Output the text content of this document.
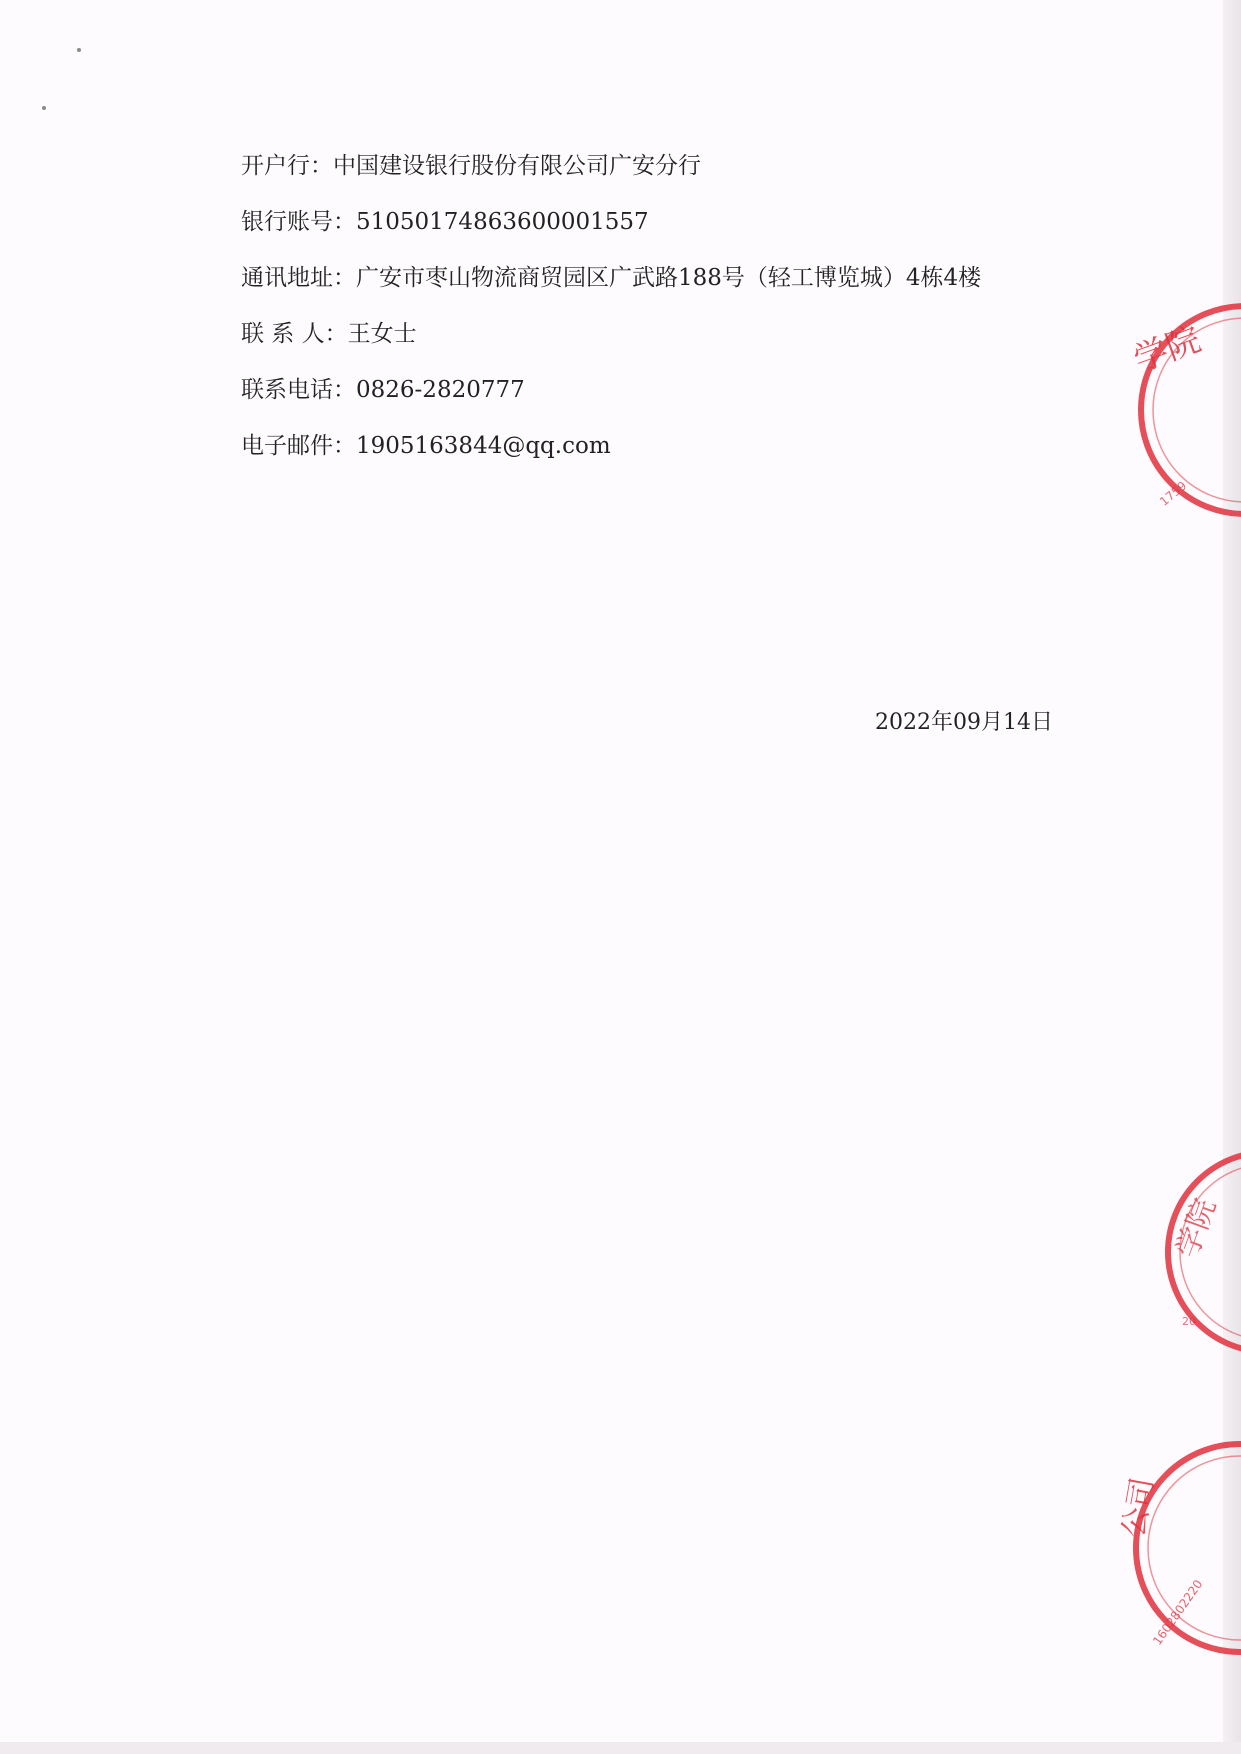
开户行：中国建设银行股份有限公司广安分行
银行账号：51050174863600001557
通讯地址：广安市枣山物流商贸园区广武路188号（轻工博览城）4栋4楼
联 系 人：王女士
联系电话：0826-2820777
电子邮件：1905163844@qq.com
2022年09月14日
学院
1759
学院
20
公司
1602802220
